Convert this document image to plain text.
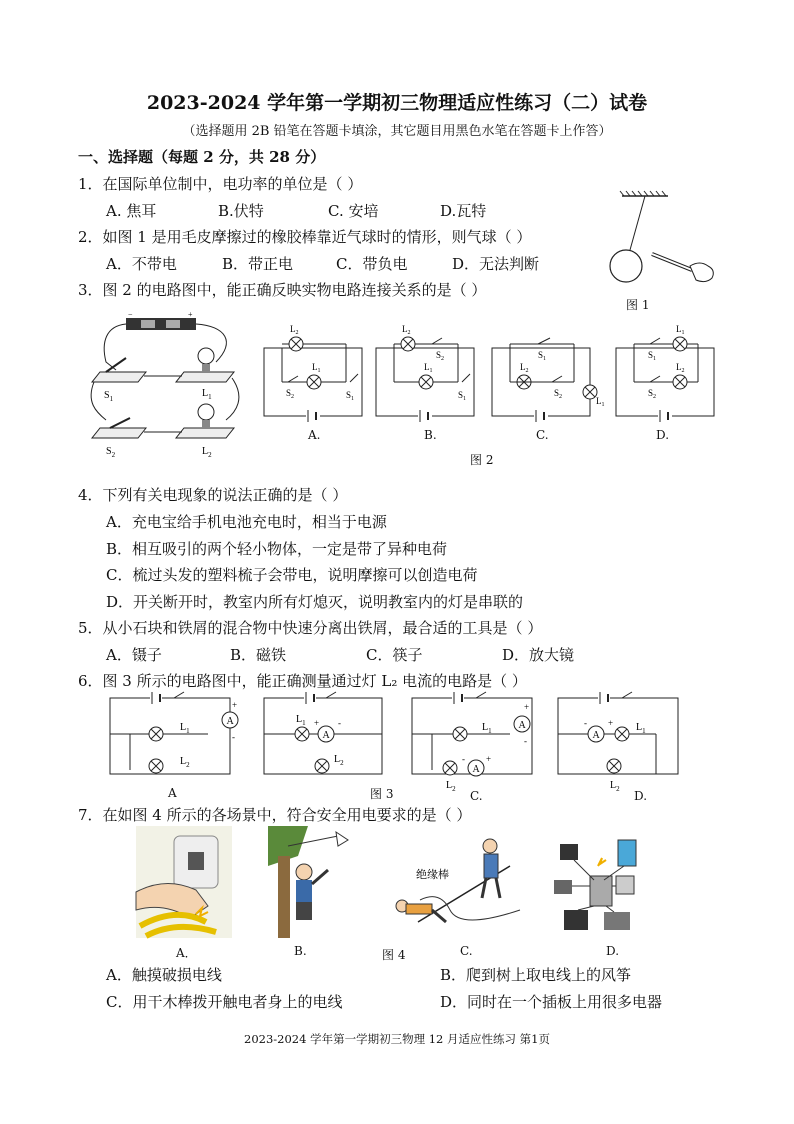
2023-2024 学年第一学期初三物理适应性练习（二）试卷
（选择题用 2B 铅笔在答题卡填涂，其它题目用黑色水笔在答题卡上作答）
一、选择题（每题 2 分，共 28 分）
1．在国际单位制中，电功率的单位是（ ）
A. 焦耳	B.伏特	C. 安培	D.瓦特
2．如图 1 是用毛皮摩擦过的橡胶棒靠近气球时的情形，则气球（ ）
A．不带电	B．带正电	C．带负电	D．无法判断
图 1
3．图 2 的电路图中，能正确反映实物电路连接关系的是（ ）
−	+
$S_1$	$L_1$
$S_2$	$L_2$
$L_2$
$L_1$
$S_2$	$S_1$
$L_2$
$S_2$
$L_1$
$S_1$
$S_1$
$L_2$
$S_2$	$L_1$
$S_1$
$L_1$
$S_2$
$L_2$
A.	B.	C.	D.
图 2
4．下列有关电现象的说法正确的是（ ）
A．充电宝给手机电池充电时，相当于电源
B．相互吸引的两个轻小物体，一定是带了异种电荷
C．梳过头发的塑料梳子会带电，说明摩擦可以创造电荷
D．开关断开时，教室内所有灯熄灭，说明教室内的灯是串联的
5．从小石块和铁屑的混合物中快速分离出铁屑，最合适的工具是（ ）
A．镊子	B．磁铁	C．筷子	D．放大镜
6．图 3 所示的电路图中，能正确测量通过灯 L₂ 电流的电路是（ ）
$L_1$
$L_2$
A
+
-
$L_1$
A
+ -
$L_2$
$L_1$
$L_2$
A
- +
A
+
-	A
- + $L_1$
$L_2$
A	图 3	C.	D.
7．在如图 4 所示的各场景中，符合安全用电要求的是（ ）
绝缘棒
A．	B.	图 4	C.	D.
A．触摸破损电线	B．爬到树上取电线上的风筝
C．用干木棒拨开触电者身上的电线	D．同时在一个插板上用很多电器
2023-2024 学年第一学期初三物理 12 月适应性练习 第1页
